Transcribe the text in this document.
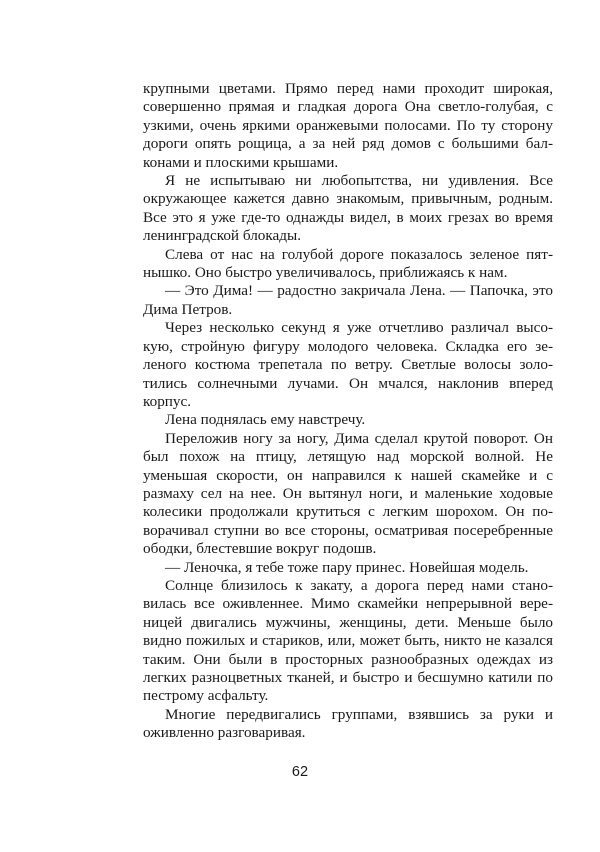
крупными цветами. Прямо перед нами проходит широкая, совершенно прямая и гладкая дорога Она светло-голубая, с узкими, очень яркими оранжевыми полосами. По ту сторону дороги опять рощица, а за ней ряд домов с большими балконами и плоскими крышами.

Я не испытываю ни любопытства, ни удивления. Все окружающее кажется давно знакомым, привычным, родным. Все это я уже где-то однажды видел, в моих грезах во время ленинградской блокады.

Слева от нас на голубой дороге показалось зеленое пятнышко. Оно быстро увеличивалось, приближаясь к нам.

— Это Дима! — радостно закричала Лена. — Папочка, это Дима Петров.

Через несколько секунд я уже отчетливо различал высокую, стройную фигуру молодого человека. Складка его зеленого костюма трепетала по ветру. Светлые волосы золотились солнечными лучами. Он мчался, наклонив вперед корпус.

Лена поднялась ему навстречу.

Переложив ногу за ногу, Дима сделал крутой поворот. Он был похож на птицу, летящую над морской волной. Не уменьшая скорости, он направился к нашей скамейке и с размаху сел на нее. Он вытянул ноги, и маленькие ходовые колесики продолжали крутиться с легким шорохом. Он поворачивал ступни во все стороны, осматривая посеребренные ободки, блестевшие вокруг подошв.

— Леночка, я тебе тоже пару принес. Новейшая модель.

Солнце близилось к закату, а дорога перед нами становилась все оживленнее. Мимо скамейки непрерывной вереницей двигались мужчины, женщины, дети. Меньше было видно пожилых и стариков, или, может быть, никто не казался таким. Они были в просторных разнообразных одеждах из легких разноцветных тканей, и быстро и бесшумно катили по пестрому асфальту.

Многие передвигались группами, взявшись за руки и оживленно разговаривая.

62
